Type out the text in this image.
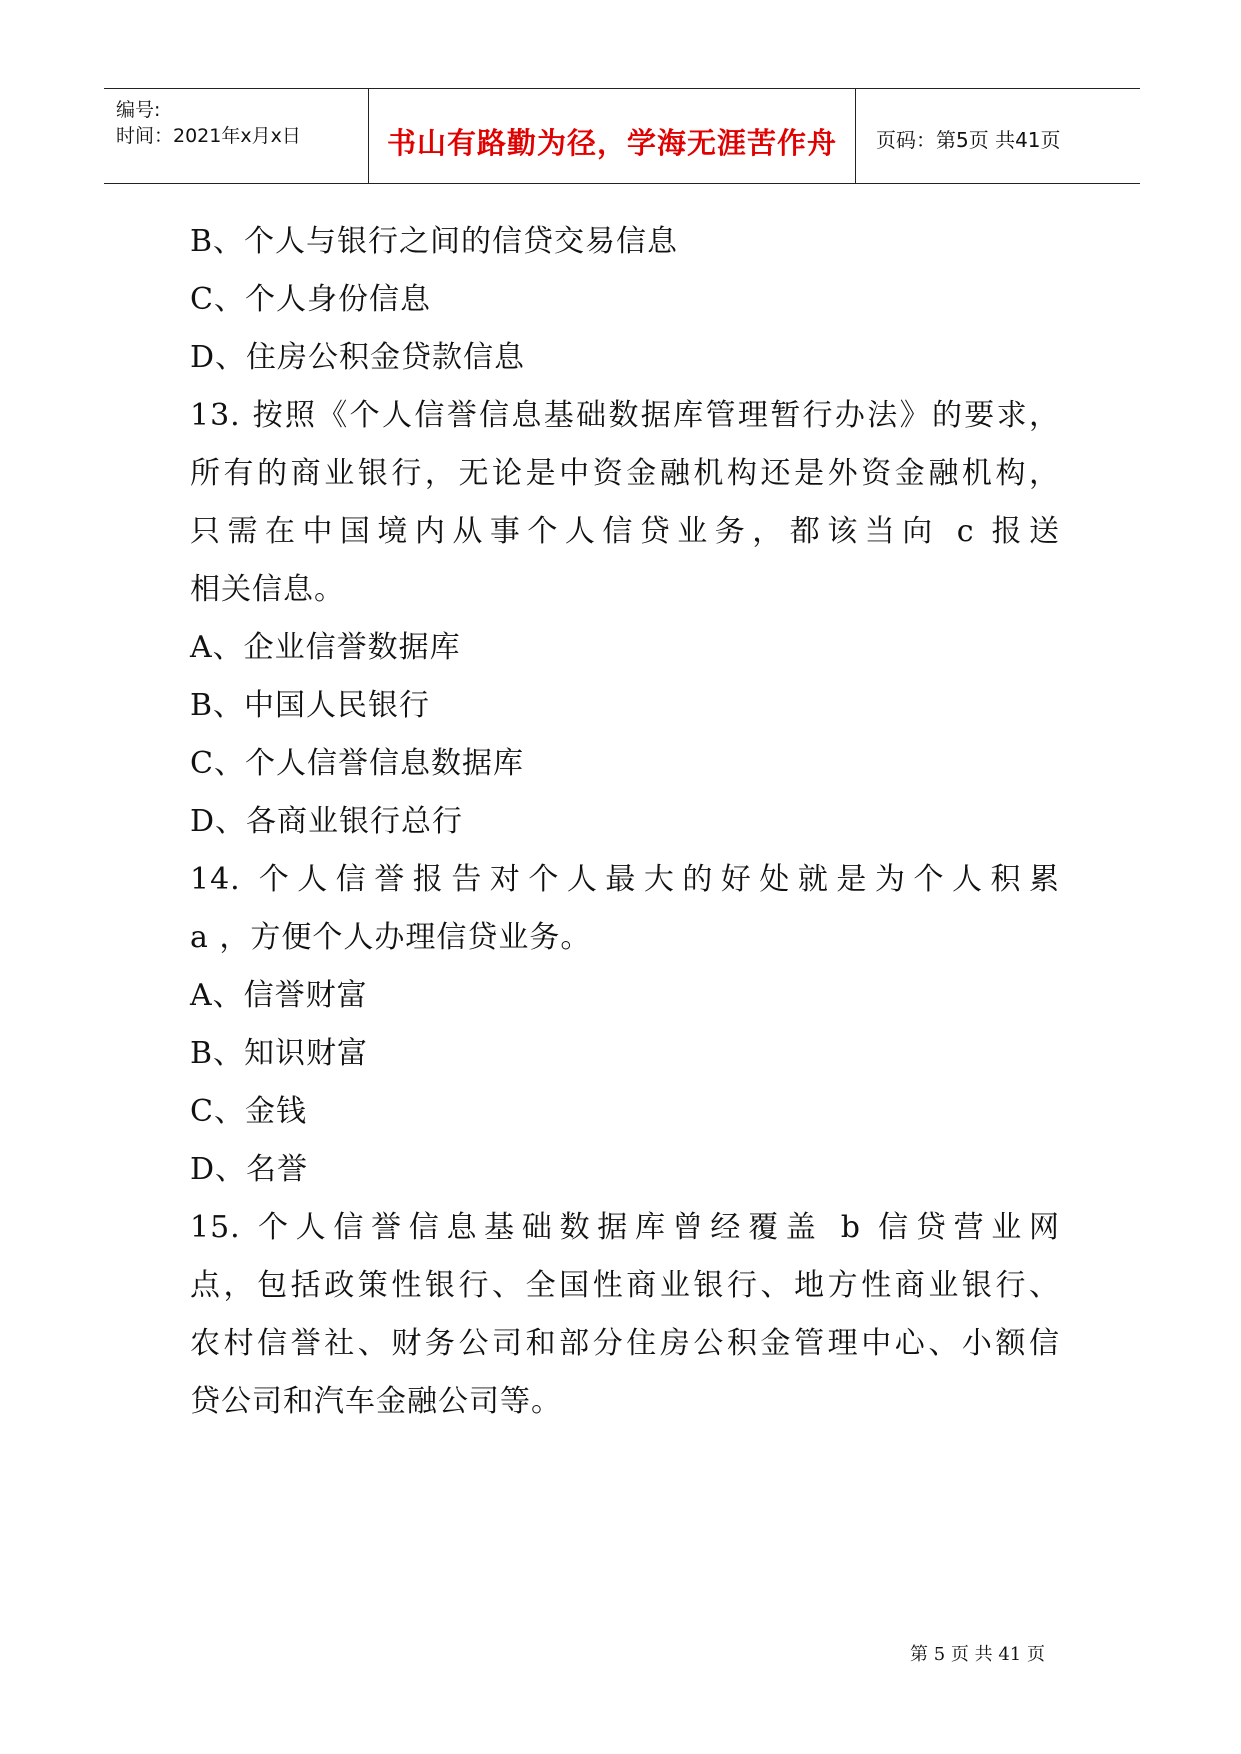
编号:
时间：2021年x月x日	书山有路勤为径，学海无涯苦作舟	页码：第5页 共41页
B、个人与银行之间的信贷交易信息
C、个人身份信息
D、住房公积金贷款信息
13. 按照《个人信誉信息基础数据库管理暂行办法》的要求，
所有的商业银行，无论是中资金融机构还是外资金融机构，
只需在中国境内从事个人信贷业务，都该当向 c 报送
相关信息。
A、企业信誉数据库
B、中国人民银行
C、个人信誉信息数据库
D、各商业银行总行
14. 个人信誉报告对个人最大的好处就是为个人积累
a ，方便个人办理信贷业务。
A、信誉财富
B、知识财富
C、金钱
D、名誉
15. 个人信誉信息基础数据库曾经覆盖 b 信贷营业网
点，包括政策性银行、全国性商业银行、地方性商业银行、
农村信誉社、财务公司和部分住房公积金管理中心、小额信
贷公司和汽车金融公司等。
第 5 页 共 41 页
